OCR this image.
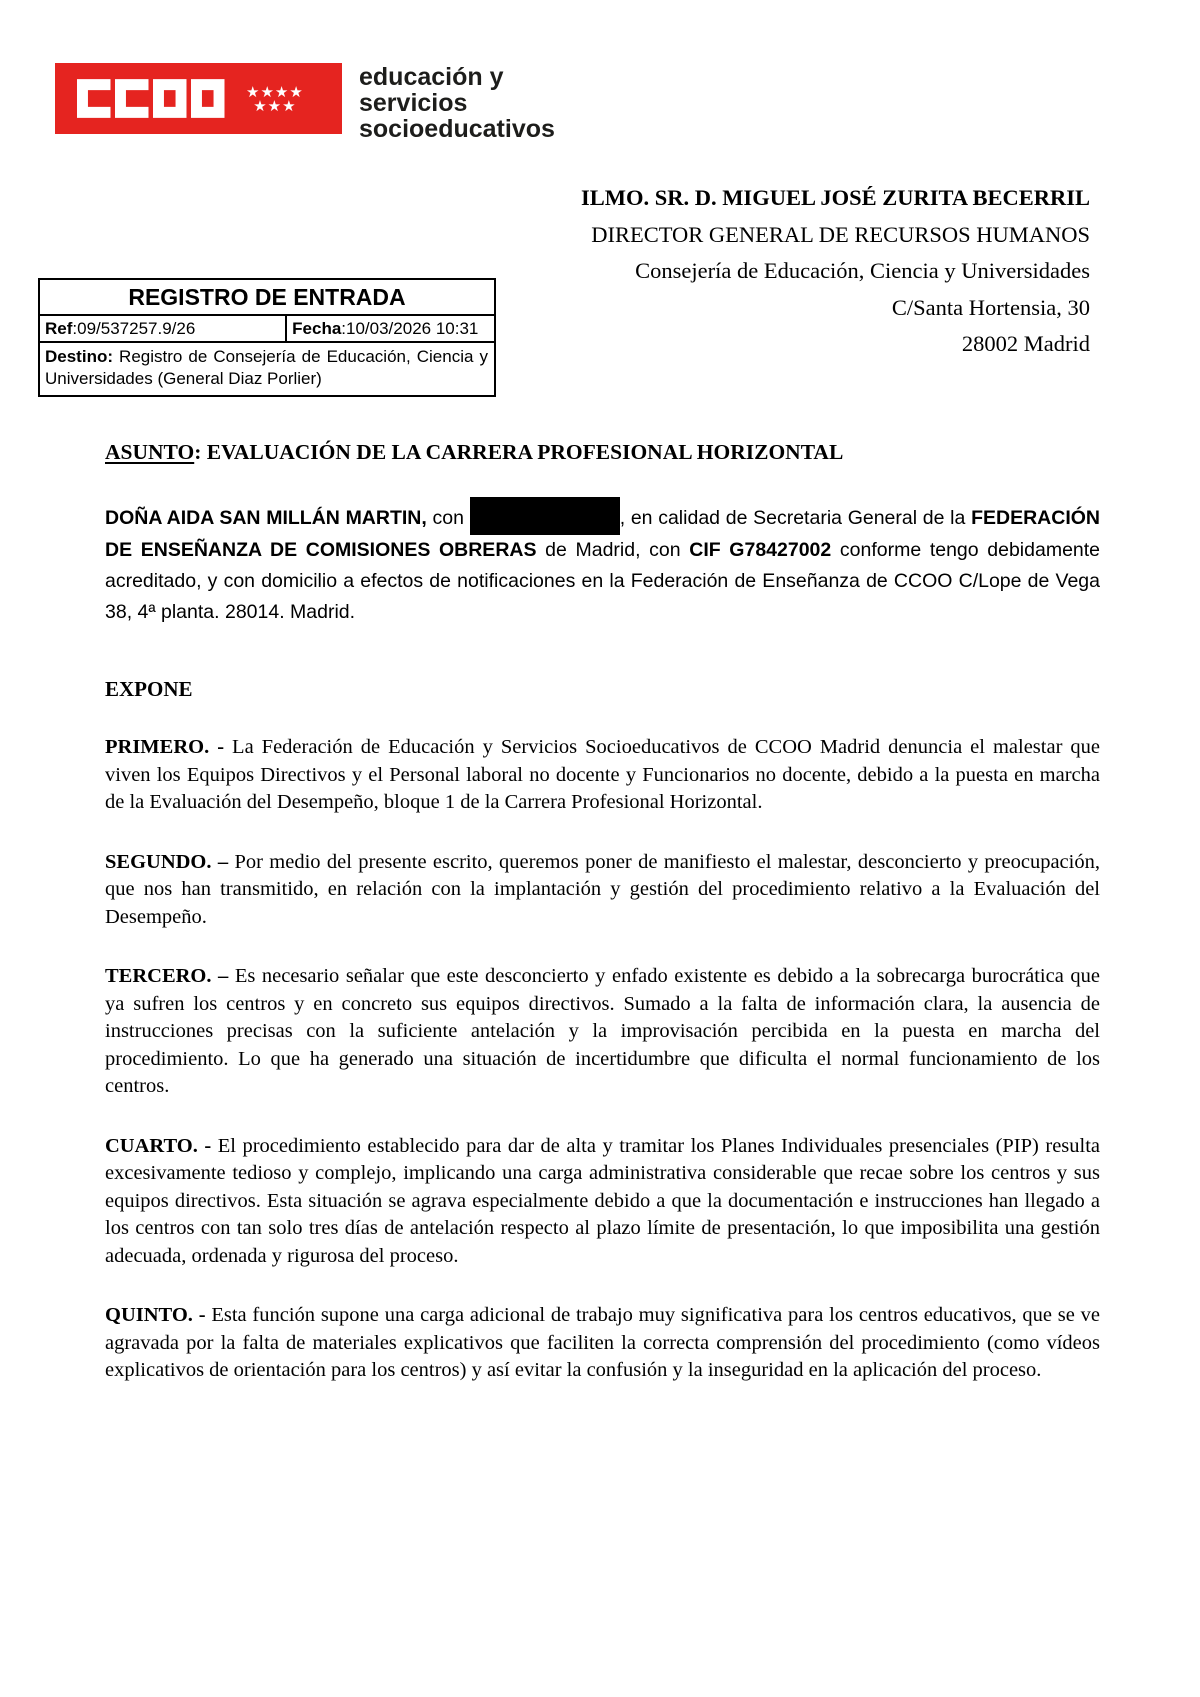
★★★★
★★★
educación y
servicios
socioeducativos
ILMO. SR. D. MIGUEL JOSÉ ZURITA BECERRIL
DIRECTOR GENERAL DE RECURSOS HUMANOS
Consejería de Educación, Ciencia y Universidades
C/Santa Hortensia, 30
28002 Madrid
REGISTRO DE ENTRADA
Ref:09/537257.9/26	Fecha:10/03/2026 10:31
Destino: Registro de Consejería de Educación, Ciencia y Universidades (General Diaz Porlier)
ASUNTO: EVALUACIÓN DE LA CARRERA PROFESIONAL HORIZONTAL

DOÑA AIDA SAN MILLÁN MARTIN, con	, en calidad de Secretaria General de la FEDERACIÓN DE ENSEÑANZA DE COMISIONES OBRERAS de Madrid, con CIF G78427002 conforme tengo debidamente acreditado, y con domicilio a efectos de notificaciones en la Federación de Enseñanza de CCOO C/Lope de Vega 38, 4ª planta. 28014. Madrid.

EXPONE

PRIMERO. - La Federación de Educación y Servicios Socioeducativos de CCOO Madrid denuncia el malestar que viven los Equipos Directivos y el Personal laboral no docente y Funcionarios no docente, debido a la puesta en marcha de la Evaluación del Desempeño, bloque 1 de la Carrera Profesional Horizontal.

SEGUNDO. – Por medio del presente escrito, queremos poner de manifiesto el malestar, desconcierto y preocupación, que nos han transmitido, en relación con la implantación y gestión del procedimiento relativo a la Evaluación del Desempeño.

TERCERO. – Es necesario señalar que este desconcierto y enfado existente es debido a la sobrecarga burocrática que ya sufren los centros y en concreto sus equipos directivos. Sumado a la falta de información clara, la ausencia de instrucciones precisas con la suficiente antelación y la improvisación percibida en la puesta en marcha del procedimiento. Lo que ha generado una situación de incertidumbre que dificulta el normal funcionamiento de los centros.

CUARTO. - El procedimiento establecido para dar de alta y tramitar los Planes Individuales presenciales (PIP) resulta excesivamente tedioso y complejo, implicando una carga administrativa considerable que recae sobre los centros y sus equipos directivos. Esta situación se agrava especialmente debido a que la documentación e instrucciones han llegado a los centros con tan solo tres días de antelación respecto al plazo límite de presentación, lo que imposibilita una gestión adecuada, ordenada y rigurosa del proceso.

QUINTO. - Esta función supone una carga adicional de trabajo muy significativa para los centros educativos, que se ve agravada por la falta de materiales explicativos que faciliten la correcta comprensión del procedimiento (como vídeos explicativos de orientación para los centros) y así evitar la confusión y la inseguridad en la aplicación del proceso.
